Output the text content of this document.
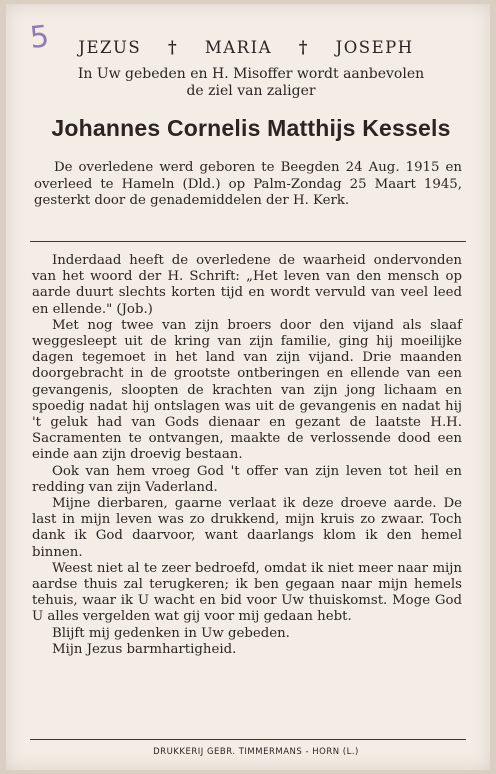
5	JEZUS † MARIA † JOSEPH
In Uw gebeden en H. Misoffer wordt aanbevolen
de ziel van zaliger
Johannes Cornelis Matthijs Kessels

De overledene werd geboren te Beegden 24 Aug. 1915 en overleed te Hameln (Dld.) op Palm-Zondag 25 Maart 1945, gesterkt door de genademiddelen der H. Kerk.

Inderdaad heeft de overledene de waarheid ondervonden van het woord der H. Schrift: „Het leven van den mensch op aarde duurt slechts korten tijd en wordt vervuld van veel leed en ellende." (Job.)

Met nog twee van zijn broers door den vijand als slaaf weggesleept uit de kring van zijn familie, ging hij moeilijke dagen tegemoet in het land van zijn vijand. Drie maanden doorgebracht in de grootste ontberingen en ellende van een gevangenis, sloopten de krachten van zijn jong lichaam en spoedig nadat hij ontslagen was uit de gevangenis en nadat hij 't geluk had van Gods dienaar en gezant de laatste H.H. Sacramenten te ontvangen, maakte de verlossende dood een einde aan zijn droevig bestaan.

Ook van hem vroeg God 't offer van zijn leven tot heil en redding van zijn Vaderland.

Mijne dierbaren, gaarne verlaat ik deze droeve aarde. De last in mijn leven was zo drukkend, mijn kruis zo zwaar. Toch dank ik God daarvoor, want daarlangs klom ik den hemel binnen.

Weest niet al te zeer bedroefd, omdat ik niet meer naar mijn aardse thuis zal terugkeren; ik ben gegaan naar mijn hemels tehuis, waar ik U wacht en bid voor Uw thuiskomst. Moge God U alles vergelden wat gij voor mij gedaan hebt.

Blijft mij gedenken in Uw gebeden.

Mijn Jezus barmhartigheid.

DRUKKERIJ GEBR. TIMMERMANS - HORN (L.)
